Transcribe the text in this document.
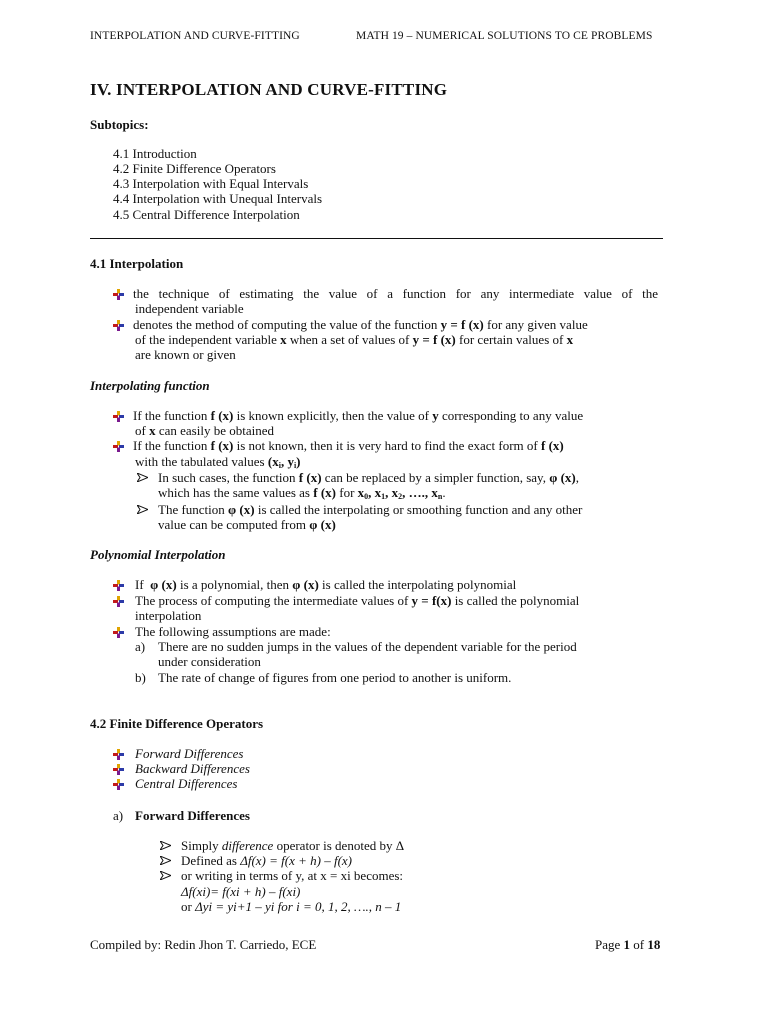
INTERPOLATION AND CURVE-FITTING	MATH 19 – NUMERICAL SOLUTIONS TO CE PROBLEMS
IV. INTERPOLATION AND CURVE-FITTING
Subtopics:
4.1 Introduction
4.2 Finite Difference Operators
4.3 Interpolation with Equal Intervals
4.4 Interpolation with Unequal Intervals
4.5 Central Difference Interpolation
4.1 Interpolation
the technique of estimating the value of a function for any intermediate value of the
independent variable
denotes the method of computing the value of the function y = f (x) for any given value
of the independent variable x when a set of values of y = f (x) for certain values of x
are known or given
Interpolating function
If the function f (x) is known explicitly, then the value of y corresponding to any value
of x can easily be obtained
If the function f (x) is not known, then it is very hard to find the exact form of f (x)
with the tabulated values ($x_i$, $y_i$)
In such cases, the function f (x) can be replaced by a simpler function, say, φ (x),
which has the same values as f (x) for $x_0$, $x_1$, $x_2$, …., $x_n$.
The function φ (x) is called the interpolating or smoothing function and any other
value can be computed from φ (x)
Polynomial Interpolation
If  φ (x) is a polynomial, then φ (x) is called the interpolating polynomial
The process of computing the intermediate values of y = f(x) is called the polynomial
interpolation
The following assumptions are made:
a) There are no sudden jumps in the values of the dependent variable for the period
under consideration
b) The rate of change of figures from one period to another is uniform.
4.2 Finite Difference Operators
Forward Differences
Backward Differences
Central Differences
a) Forward Differences
Simply difference operator is denoted by Δ
Defined as Δf(x) = f(x + h) – f(x)
or writing in terms of y, at x = xi becomes:
Δf(xi)= f(xi + h) – f(xi)
or Δyi = yi+1 – yi for i = 0, 1, 2, …., n – 1
Compiled by: Redin Jhon T. Carriedo, ECE	Page 1 of 18
